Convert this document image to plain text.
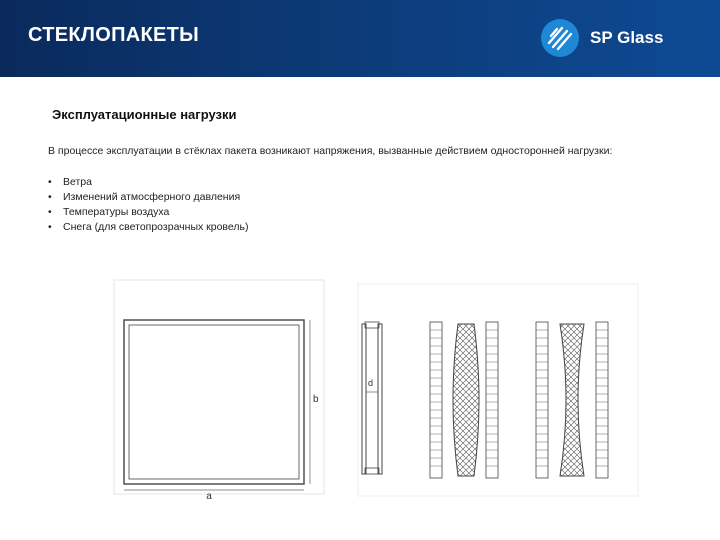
СТЕКЛОПАКЕТЫ	SP Glass
Эксплуатационные нагрузки
В процессе эксплуатации в стёклах пакета возникают напряжения, вызванные действием односторонней нагрузки:
• Ветра
• Изменений атмосферного давления
• Температуры воздуха
• Снега (для светопрозрачных кровель)
a
b
d
